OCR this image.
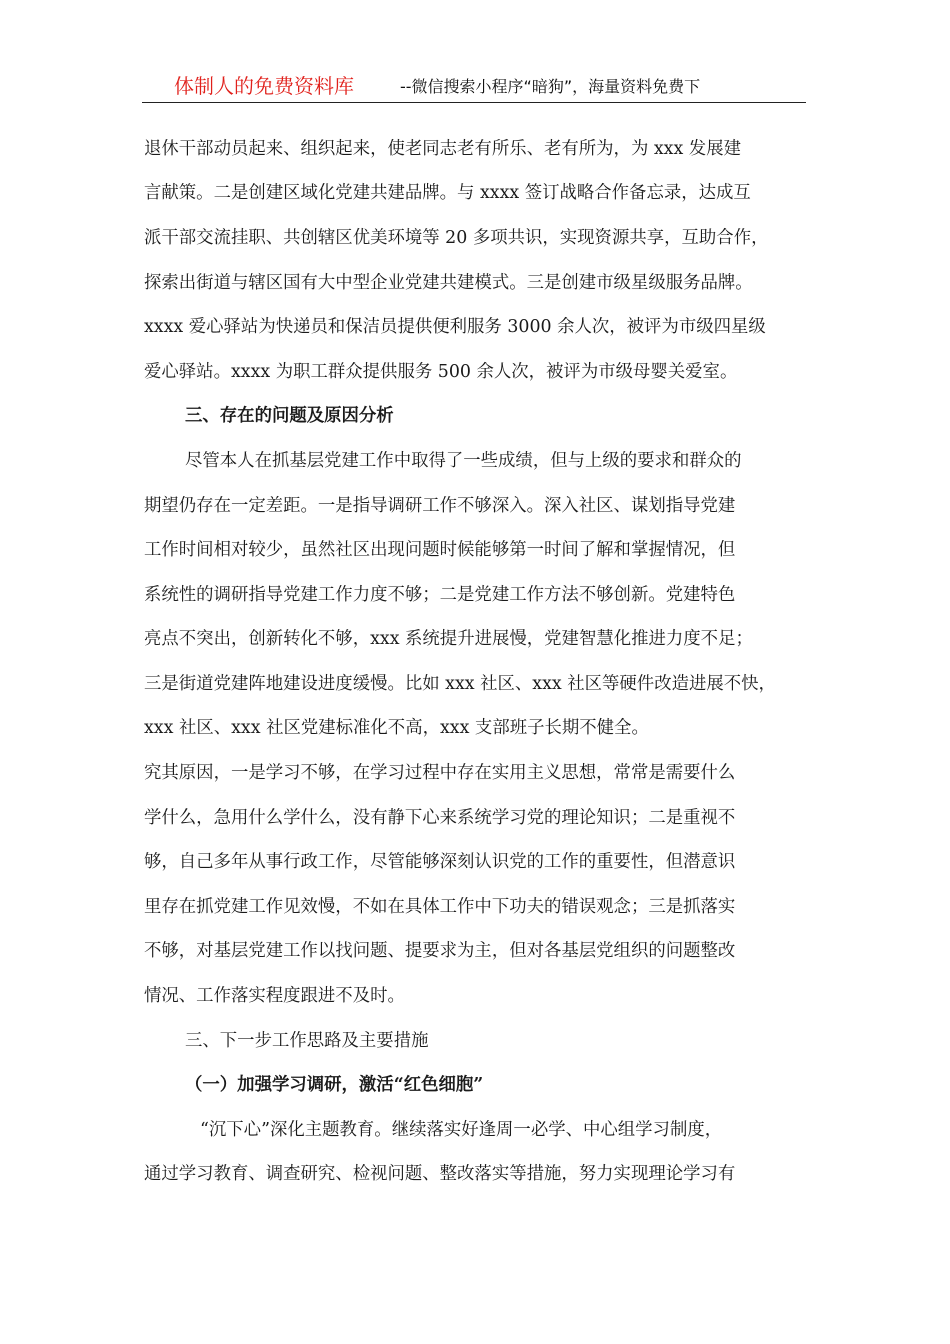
体制人的免费资料库	--微信搜索小程序“暗狗”，海量资料免费下
退休干部动员起来、组织起来，使老同志老有所乐、老有所为，为 xxx 发展建
言献策。二是创建区域化党建共建品牌。与 xxxx 签订战略合作备忘录，达成互
派干部交流挂职、共创辖区优美环境等 20 多项共识，实现资源共享，互助合作，
探索出街道与辖区国有大中型企业党建共建模式。三是创建市级星级服务品牌。
xxxx 爱心驿站为快递员和保洁员提供便利服务 3000 余人次，被评为市级四星级
爱心驿站。xxxx 为职工群众提供服务 500 余人次，被评为市级母婴关爱室。
三、存在的问题及原因分析
尽管本人在抓基层党建工作中取得了一些成绩，但与上级的要求和群众的
期望仍存在一定差距。一是指导调研工作不够深入。深入社区、谋划指导党建
工作时间相对较少，虽然社区出现问题时候能够第一时间了解和掌握情况，但
系统性的调研指导党建工作力度不够；二是党建工作方法不够创新。党建特色
亮点不突出，创新转化不够，xxx 系统提升进展慢，党建智慧化推进力度不足；
三是街道党建阵地建设进度缓慢。比如 xxx 社区、xxx 社区等硬件改造进展不快，
xxx 社区、xxx 社区党建标准化不高，xxx 支部班子长期不健全。
究其原因，一是学习不够，在学习过程中存在实用主义思想，常常是需要什么
学什么，急用什么学什么，没有静下心来系统学习党的理论知识；二是重视不
够，自己多年从事行政工作，尽管能够深刻认识党的工作的重要性，但潜意识
里存在抓党建工作见效慢，不如在具体工作中下功夫的错误观念；三是抓落实
不够，对基层党建工作以找问题、提要求为主，但对各基层党组织的问题整改
情况、工作落实程度跟进不及时。
三、下一步工作思路及主要措施
（一）加强学习调研，激活“红色细胞”
“沉下心”深化主题教育。继续落实好逢周一必学、中心组学习制度，
通过学习教育、调查研究、检视问题、整改落实等措施，努力实现理论学习有
